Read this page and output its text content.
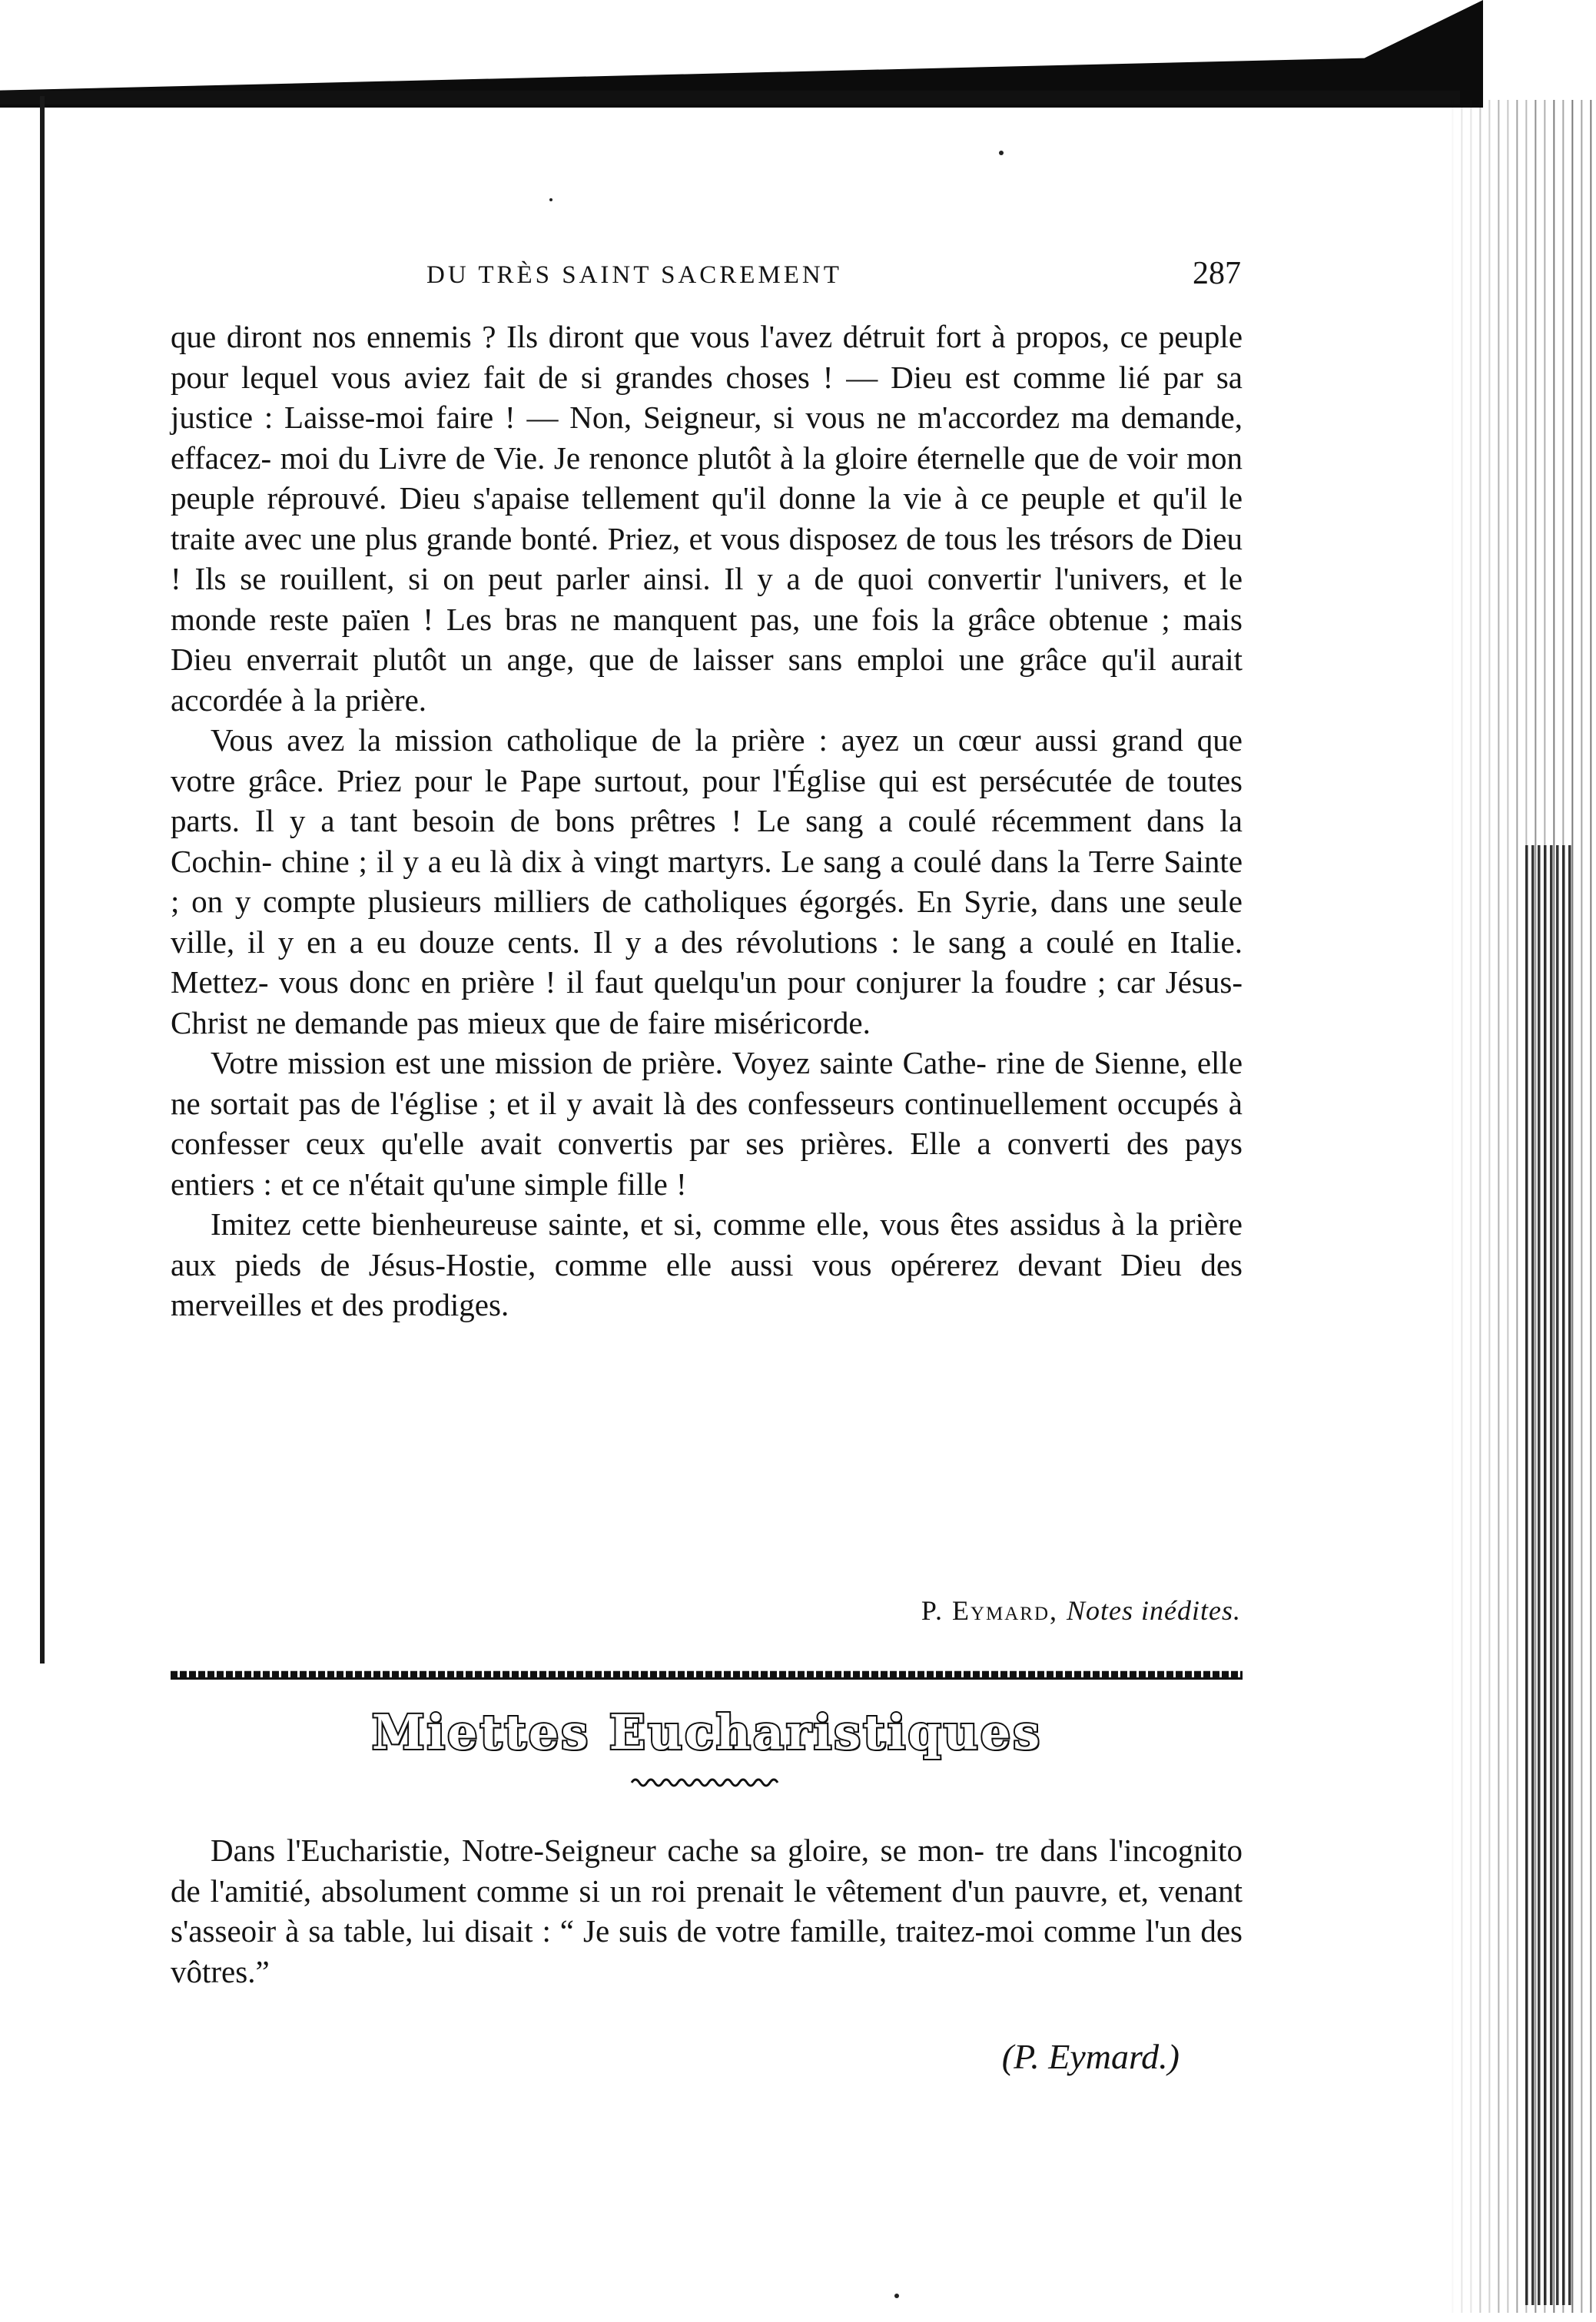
DU TRÈS SAINT SACREMENT	287

que diront nos ennemis ? Ils diront que vous l'avez détruit fort à propos, ce peuple pour lequel vous aviez fait de si grandes choses ! — Dieu est comme lié par sa justice : Laisse-moi faire ! — Non, Seigneur, si vous ne m'accordez ma demande, effacez- moi du Livre de Vie. Je renonce plutôt à la gloire éternelle que de voir mon peuple réprouvé. Dieu s'apaise tellement qu'il donne la vie à ce peuple et qu'il le traite avec une plus grande bonté. Priez, et vous disposez de tous les trésors de Dieu ! Ils se rouillent, si on peut parler ainsi. Il y a de quoi convertir l'univers, et le monde reste païen ! Les bras ne manquent pas, une fois la grâce obtenue ; mais Dieu enverrait plutôt un ange, que de laisser sans emploi une grâce qu'il aurait accordée à la prière.

Vous avez la mission catholique de la prière : ayez un cœur aussi grand que votre grâce. Priez pour le Pape surtout, pour l'Église qui est persécutée de toutes parts. Il y a tant besoin de bons prêtres ! Le sang a coulé récemment dans la Cochin- chine ; il y a eu là dix à vingt martyrs. Le sang a coulé dans la Terre Sainte ; on y compte plusieurs milliers de catholiques égorgés. En Syrie, dans une seule ville, il y en a eu douze cents. Il y a des révolutions : le sang a coulé en Italie. Mettez- vous donc en prière ! il faut quelqu'un pour conjurer la foudre ; car Jésus-Christ ne demande pas mieux que de faire miséricorde.

Votre mission est une mission de prière. Voyez sainte Cathe- rine de Sienne, elle ne sortait pas de l'église ; et il y avait là des confesseurs continuellement occupés à confesser ceux qu'elle avait convertis par ses prières. Elle a converti des pays entiers : et ce n'était qu'une simple fille !

Imitez cette bienheureuse sainte, et si, comme elle, vous êtes assidus à la prière aux pieds de Jésus-Hostie, comme elle aussi vous opérerez devant Dieu des merveilles et des prodiges.

P. Eymard, Notes inédites.
Miettes Eucharistiques

Dans l'Eucharistie, Notre-Seigneur cache sa gloire, se mon- tre dans l'incognito de l'amitié, absolument comme si un roi prenait le vêtement d'un pauvre, et, venant s'asseoir à sa table, lui disait : “ Je suis de votre famille, traitez-moi comme l'un des vôtres.”

(P. Eymard.)
